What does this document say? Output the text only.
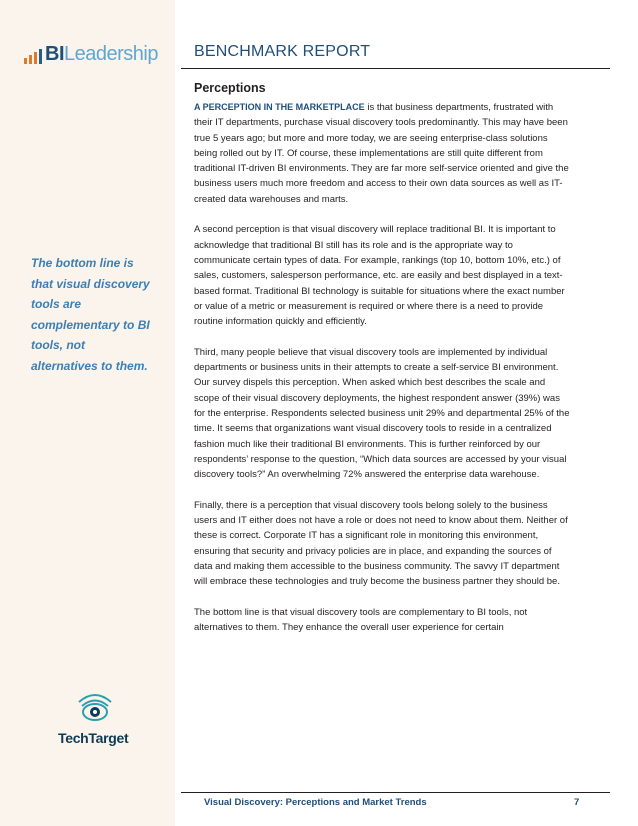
BI Leadership
The bottom line is that visual discovery tools are complementary to BI tools, not alternatives to them.
TechTarget
BENCHMARK REPORT
Perceptions

A PERCEPTION IN THE MARKETPLACE is that business departments, frustrated with their IT departments, purchase visual discovery tools predominantly. This may have been true 5 years ago; but more and more today, we are seeing enterprise-class solutions being rolled out by IT. Of course, these implementations are still quite different from traditional IT-driven BI environments. They are far more self-service oriented and give the business users much more freedom and access to their own data sources as well as IT-created data warehouses and marts.

A second perception is that visual discovery will replace traditional BI. It is important to acknowledge that traditional BI still has its role and is the appropriate way to communicate certain types of data. For example, rankings (top 10, bottom 10%, etc.) of sales, customers, salesperson performance, etc. are easily and best displayed in a text-based format. Traditional BI technology is suitable for situations where the exact number or value of a metric or measurement is required or where there is a need to provide routine information quickly and efficiently.

Third, many people believe that visual discovery tools are implemented by individual departments or business units in their attempts to create a self-service BI environment. Our survey dispels this perception. When asked which best describes the scale and scope of their visual discovery deployments, the highest respondent answer (39%) was for the enterprise. Respondents selected business unit 29% and departmental 25% of the time. It seems that organizations want visual discovery tools to reside in a centralized fashion much like their traditional BI environments. This is further reinforced by our respondents’ response to the question, “Which data sources are accessed by your visual discovery tools?” An overwhelming 72% answered the enterprise data warehouse.

Finally, there is a perception that visual discovery tools belong solely to the business users and IT either does not have a role or does not need to know about them. Neither of these is correct. Corporate IT has a significant role in monitoring this environment, ensuring that security and privacy policies are in place, and expanding the sources of data and making them accessible to the business community. The savvy IT department will embrace these technologies and truly become the business partner they should be.

The bottom line is that visual discovery tools are complementary to BI tools, not alternatives to them. They enhance the overall user experience for certain

Visual Discovery: Perceptions and Market Trends	7
